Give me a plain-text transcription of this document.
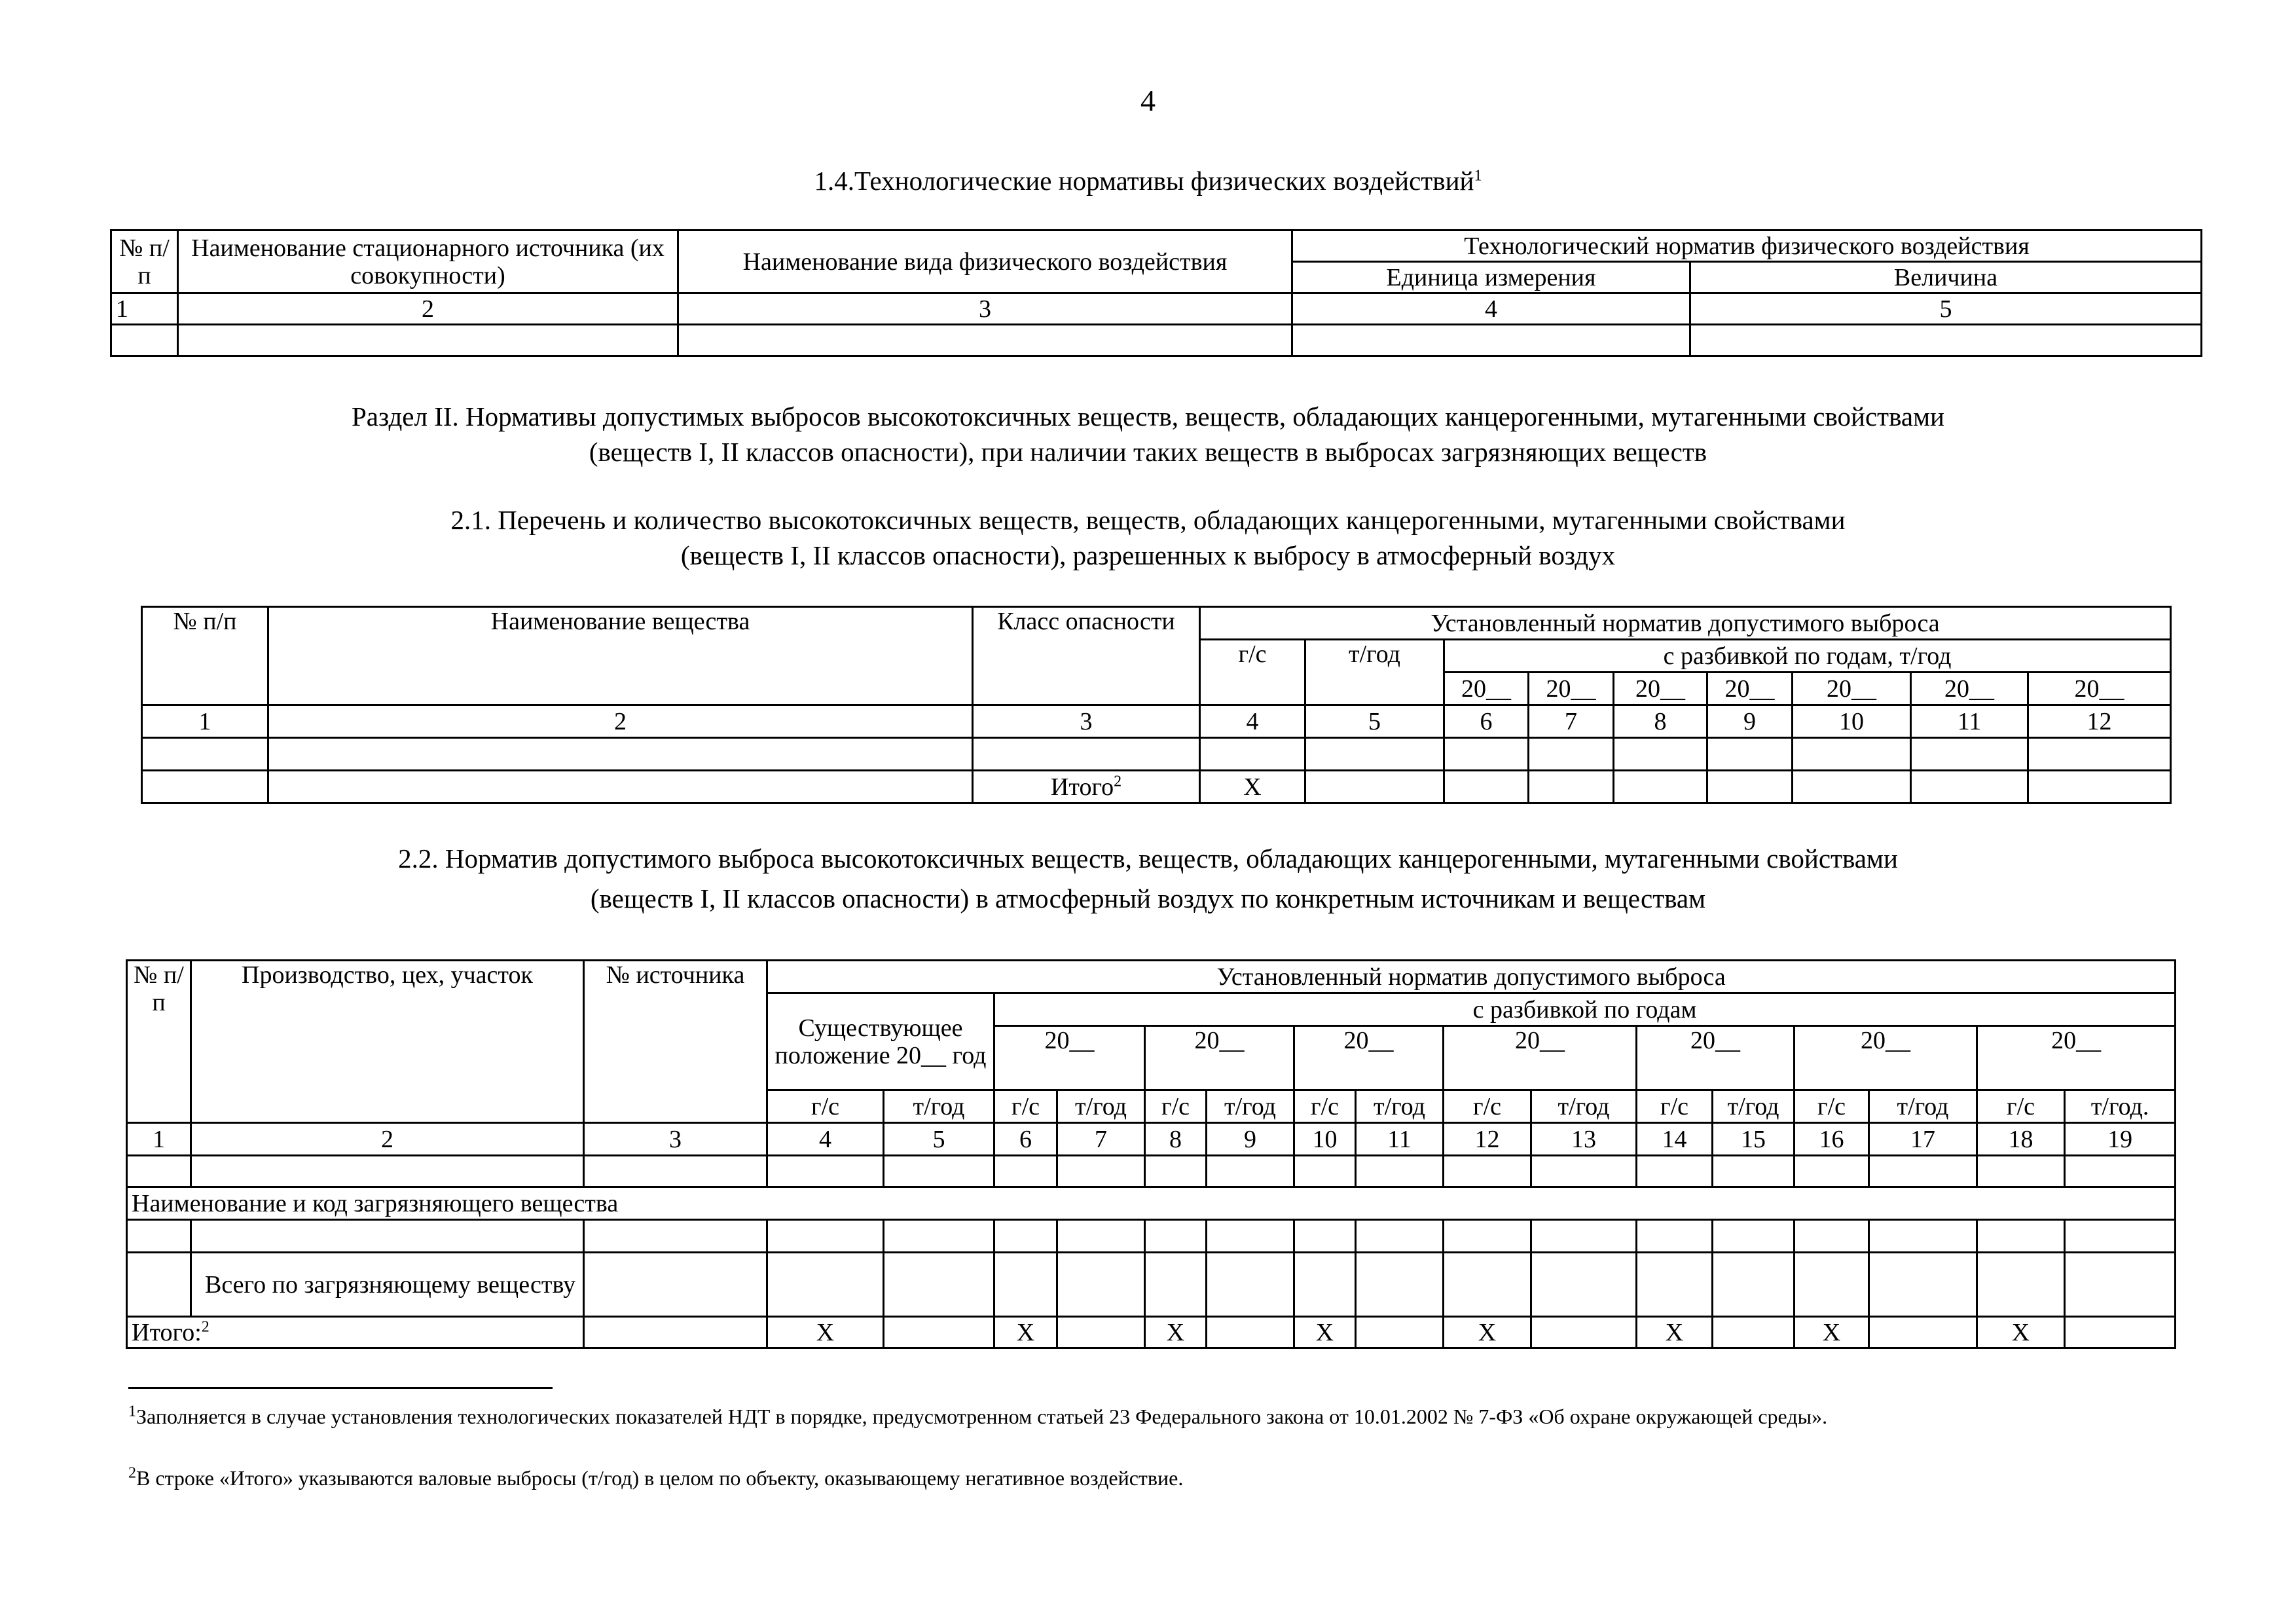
4
1.4.Технологические нормативы физических воздействий$^1$
№ п/п	Наименование стационарного источника (их совокупности)	Наименование вида физического воздействия	Технологический норматив физического воздействия	
			Единица измерения	Величина
1	2	3	4	5

Раздел II. Нормативы допустимых выбросов высокотоксичных веществ, веществ, обладающих канцерогенными, мутагенными свойствами
(веществ I, II классов опасности), при наличии таких веществ в выбросах загрязняющих веществ
2.1. Перечень и количество высокотоксичных веществ, веществ, обладающих канцерогенными, мутагенными свойствами
(веществ I, II классов опасности), разрешенных к выбросу в атмосферный воздух
№ п/п	Наименование вещества	Класс опасности	Установленный норматив допустимого выброса								
			г/с	т/год	с разбивкой по годам, т/год						
					20__	20__	20__	20__	20__	20__	20__
1	2	3	4	5	6	7	8	9	10	11	12

		Итого$^2$	Х								
2.2. Норматив допустимого выброса высокотоксичных веществ, веществ, обладающих канцерогенными, мутагенными свойствами
(веществ I, II классов опасности) в атмосферный воздух по конкретным источникам и веществам
№ п/п	Производство, цех, участок	№ источника	Установленный норматив допустимого выброса															
			Существующее положение 20__ год		с разбивкой по годам													
					20__		20__		20__		20__		20__		20__		20__	
			г/с	т/год	г/с	т/год	г/с	т/год	г/с	т/год	г/с	т/год	г/с	т/год	г/с	т/год	г/с	т/год.
1	2	3	4	5	6	7	8	9	10	11	12	13	14	15	16	17	18	19

Наименование и код загрязняющего вещества																		

	Всего по загрязняющему веществу																	
Итого:$^2$			Х		Х		Х		Х		Х		Х		Х		Х	
$^1$Заполняется в случае установления технологических показателей НДТ в порядке, предусмотренном статьей 23 Федерального закона от 10.01.2002 № 7-ФЗ «Об охране окружающей среды».
$^2$В строке «Итого» указываются валовые выбросы (т/год) в целом по объекту, оказывающему негативное воздействие.
